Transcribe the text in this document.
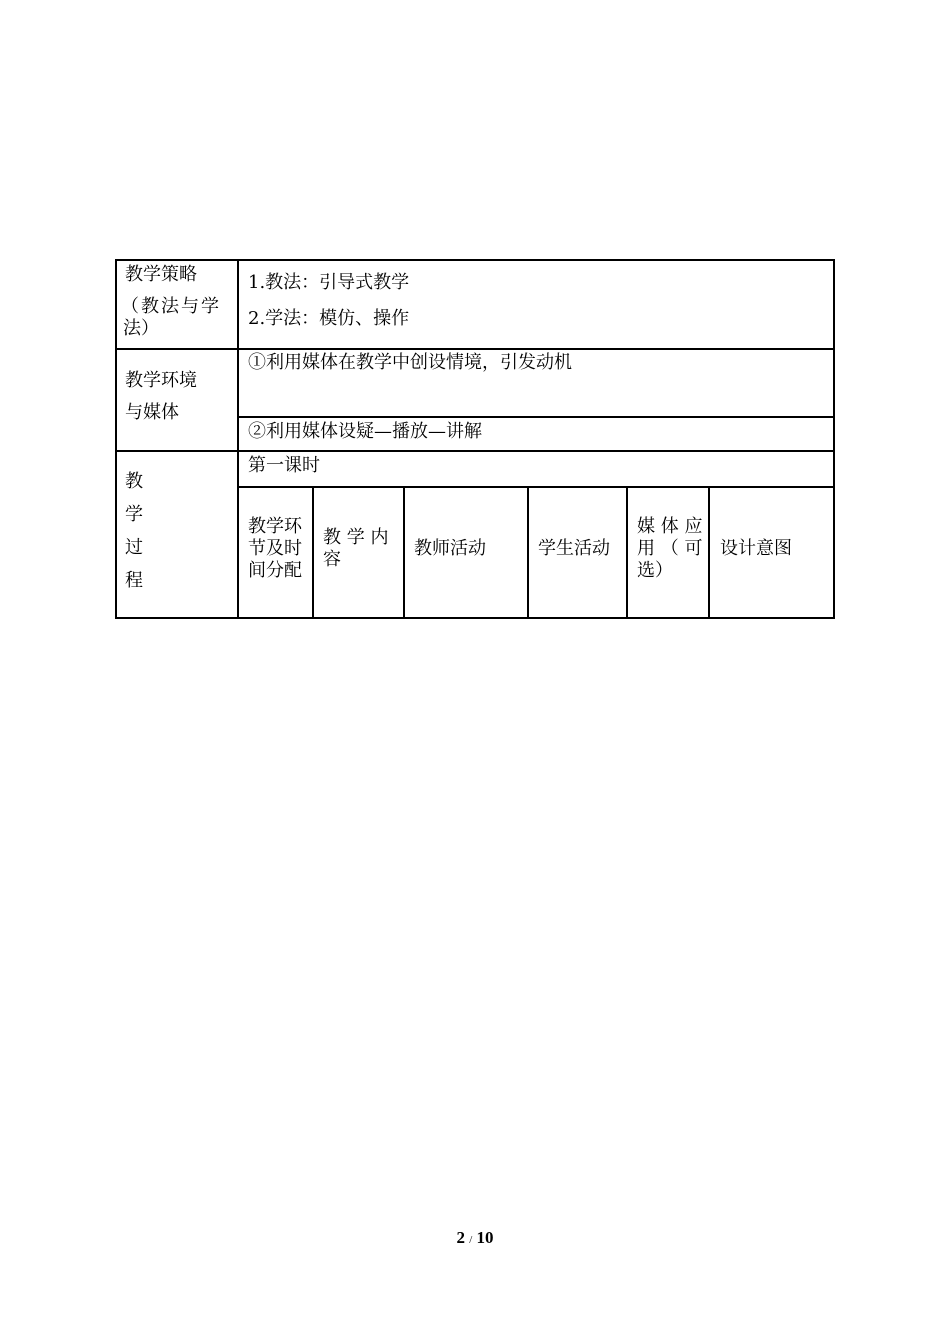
教学策略
（教法与学
法）
1.教法：引导式教学
2.学法：模仿、操作
教学环境
与媒体
①利用媒体在教学中创设情境，引发动机
②利用媒体设疑—播放—讲解
教
学
过
程
第一课时
教学环
节及时
间分配
教 学 内
容
教师活动	学生活动
媒 体 应
用 （ 可
选）
设计意图
2 / 10
